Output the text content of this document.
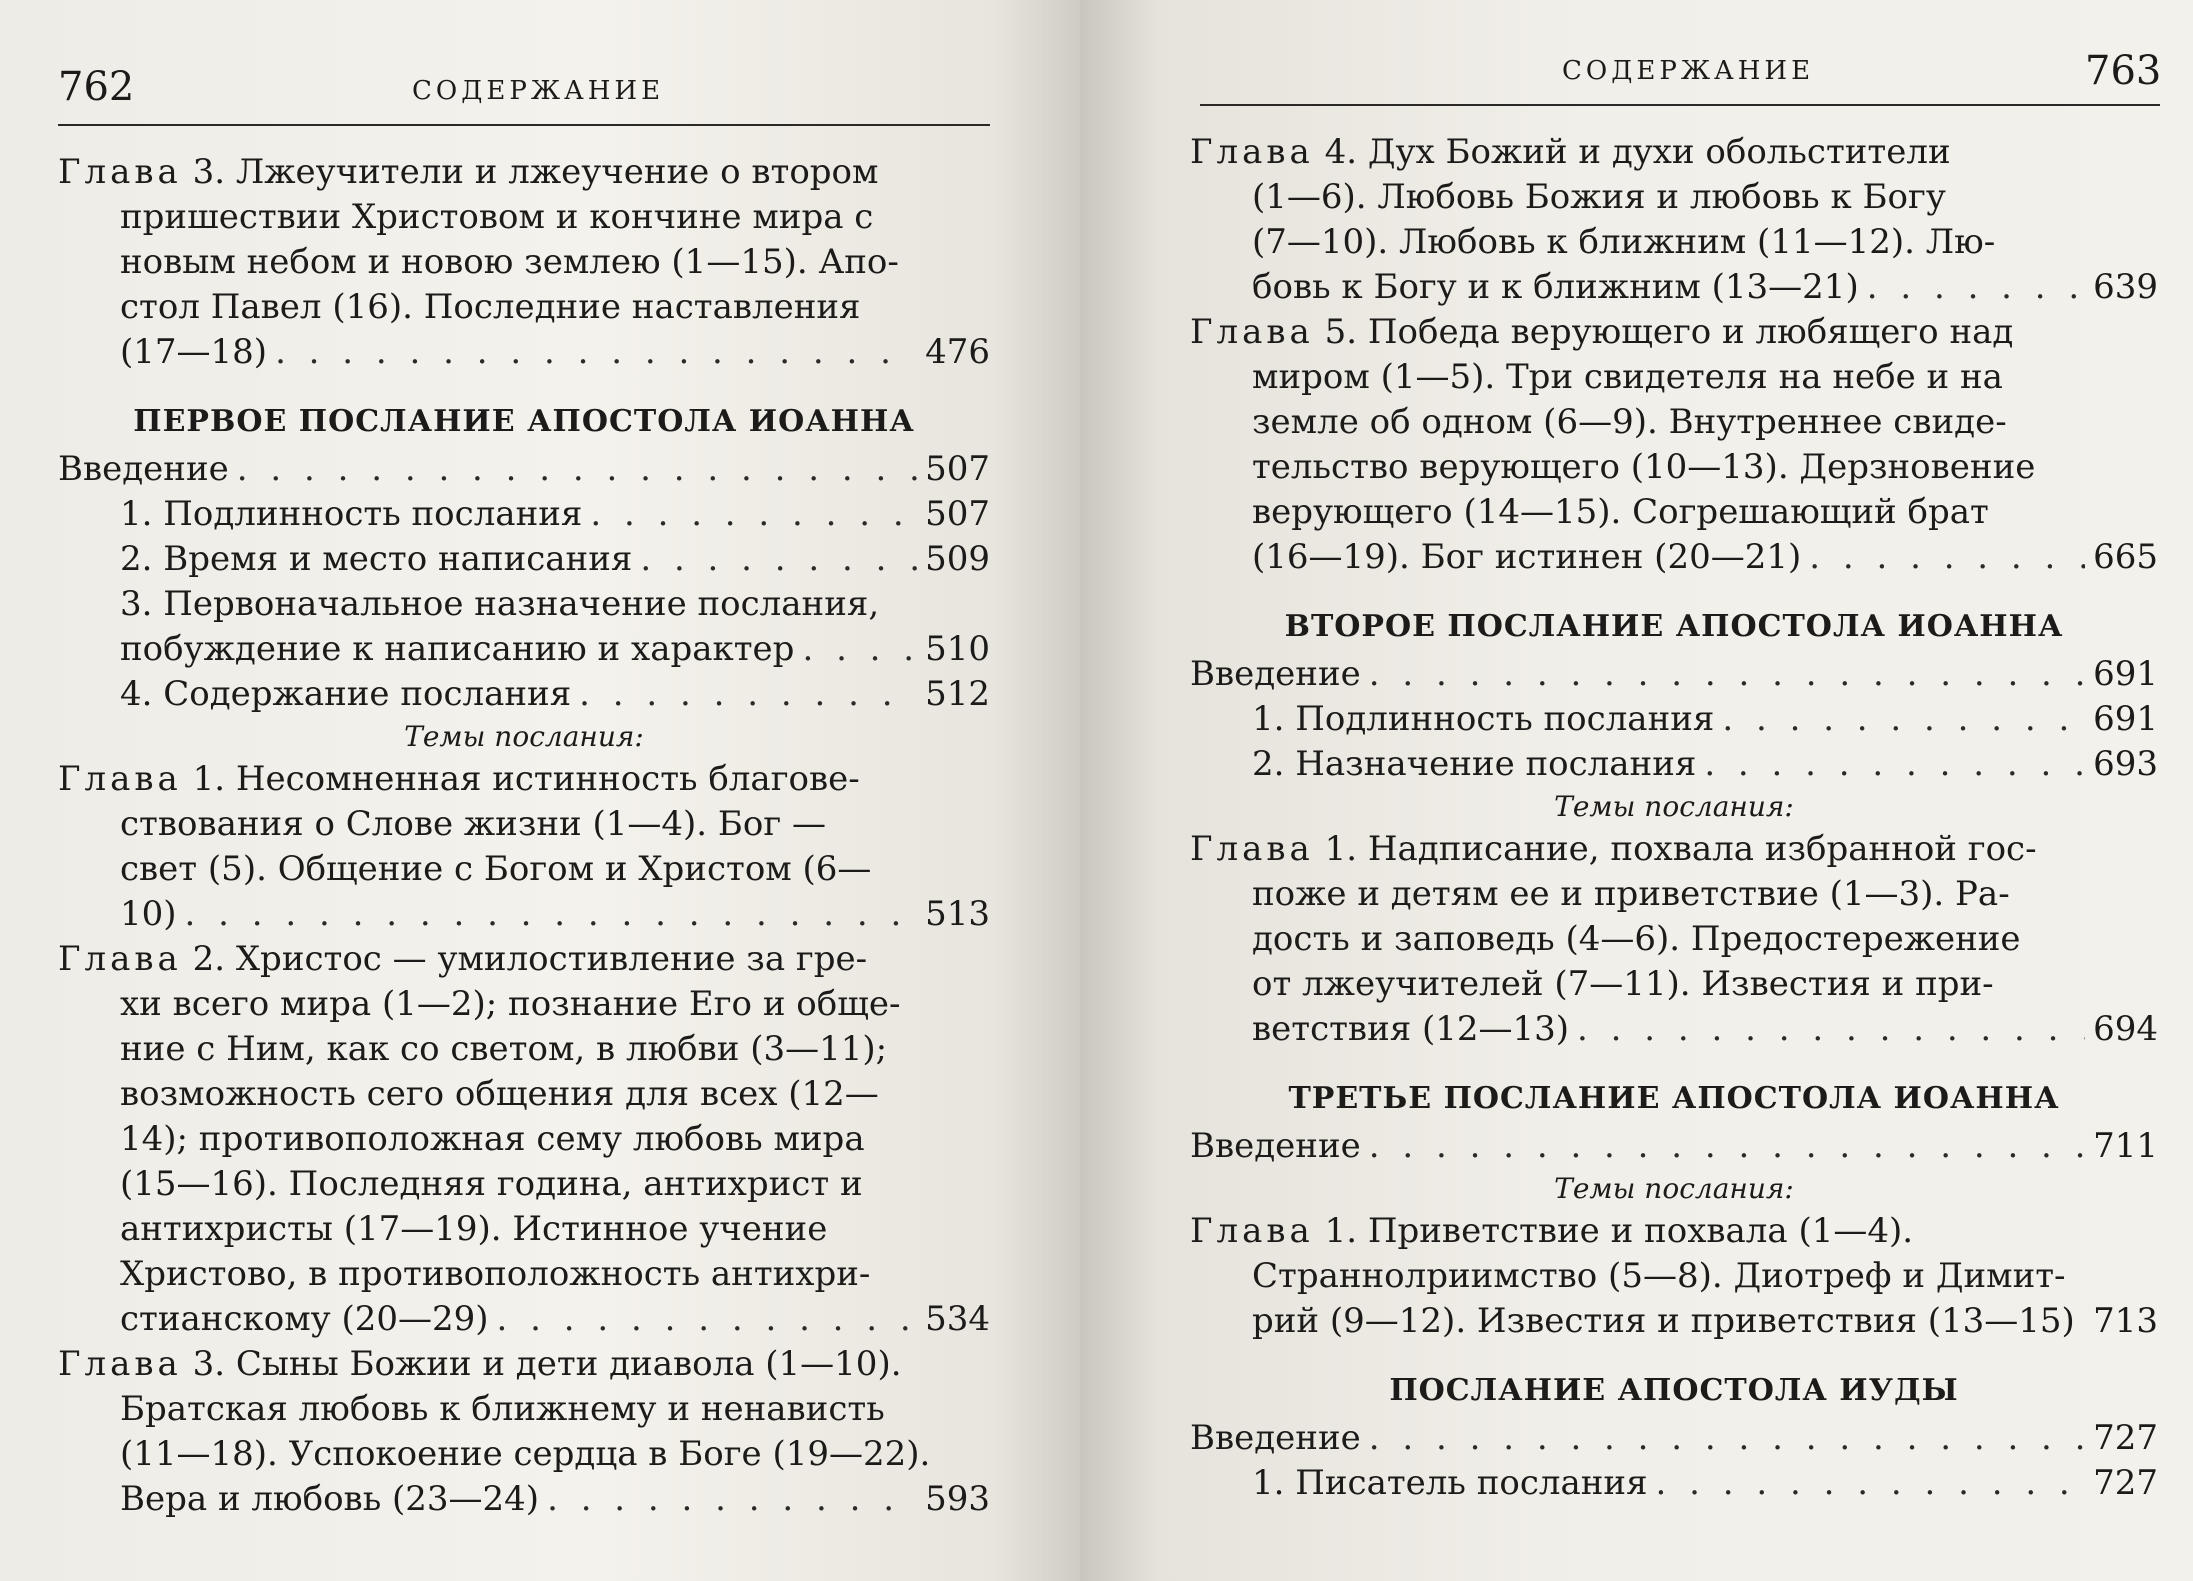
762	СОДЕРЖАНИЕ
Глава 3. Лжеучители и лжеучение о втором
пришествии Христовом и кончине мира с
новым небом и новою землею (1—15). Апо-
стол Павел (16). Последние наставления
(17—18) . . .	476
ПЕРВОЕ ПОСЛАНИЕ АПОСТОЛА ИОАННА
Введение . . .	507
1. Подлинность послания . . .	507
2. Время и место написания . . .	509
3. Первоначальное назначение послания,
побуждение к написанию и характер . . .	510
4. Содержание послания . . .	512
Темы послания:
Глава 1. Несомненная истинность благове-
ствования о Слове жизни (1—4). Бог —
свет (5). Общение с Богом и Христом (6—
10) . . .	513
Глава 2. Христос — умилостивление за гре-
хи всего мира (1—2); познание Его и обще-
ние с Ним, как со светом, в любви (3—11);
возможность сего общения для всех (12—
14); противоположная сему любовь мира
(15—16). Последняя година, антихрист и
антихристы (17—19). Истинное учение
Христово, в противоположность антихри-
стианскому (20—29) . . .	534
Глава 3. Сыны Божии и дети диавола (1—10).
Братская любовь к ближнему и ненависть
(11—18). Успокоение сердца в Боге (19—22).
Вера и любовь (23—24) . . .	593
СОДЕРЖАНИЕ	763
Глава 4. Дух Божий и духи обольстители
(1—6). Любовь Божия и любовь к Богу
(7—10). Любовь к ближним (11—12). Лю-
бовь к Богу и к ближним (13—21) . . .	639
Глава 5. Победа верующего и любящего над
миром (1—5). Три свидетеля на небе и на
земле об одном (6—9). Внутреннее свиде-
тельство верующего (10—13). Дерзновение
верующего (14—15). Согрешающий брат
(16—19). Бог истинен (20—21) . . .	665
ВТОРОЕ ПОСЛАНИЕ АПОСТОЛА ИОАННА
Введение . . .	691
1. Подлинность послания . . .	691
2. Назначение послания . . .	693
Темы послания:
Глава 1. Надписание, похвала избранной гос-
поже и детям ее и приветствие (1—3). Ра-
дость и заповедь (4—6). Предостережение
от лжеучителей (7—11). Известия и при-
ветствия (12—13) . . .	694
ТРЕТЬЕ ПОСЛАНИЕ АПОСТОЛА ИОАННА
Введение . . .	711
Темы послания:
Глава 1. Приветствие и похвала (1—4).
Страннолриимство (5—8). Диотреф и Димит-
рий (9—12). Известия и приветствия (13—15) . . . 713
ПОСЛАНИЕ АПОСТОЛА ИУДЫ
Введение . . .	727
1. Писатель послания . . .	727
